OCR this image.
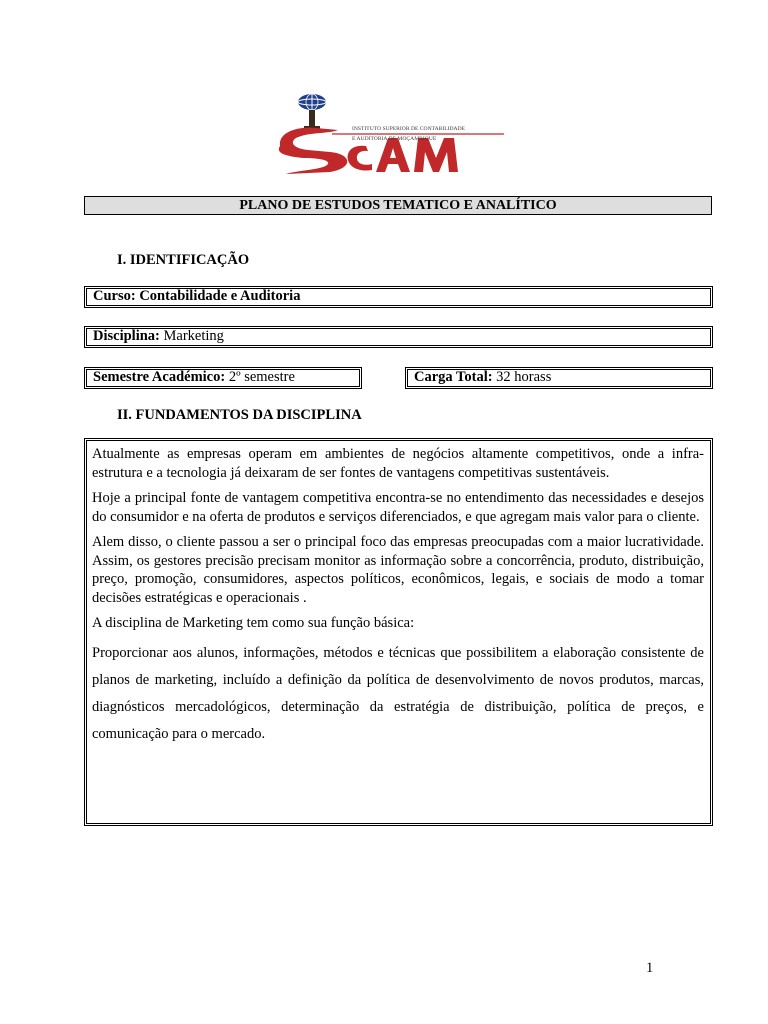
INSTITUTO SUPERIOR DE CONTABILIDADE
E AUDITORIA DE MOÇAMBIQUE
PLANO DE ESTUDOS TEMATICO E ANALÍTICO
I. IDENTIFICAÇÃO
Curso: Contabilidade e Auditoria
Disciplina: Marketing
Semestre Académico: 2º semestre	Carga Total: 32 horass
II. FUNDAMENTOS DA DISCIPLINA

Atualmente as empresas operam em ambientes de negócios altamente competitivos, onde a infra-estrutura e a tecnologia já deixaram de ser fontes de vantagens competitivas sustentáveis.

Hoje a principal fonte de vantagem competitiva encontra-se no entendimento das necessidades e desejos do consumidor e na oferta de produtos e serviços diferenciados, e que agregam mais valor para o cliente.

Alem disso, o cliente passou a ser o principal foco das empresas preocupadas com a maior lucratividade. Assim, os gestores precisão precisam monitor as informação sobre a concorrência, produto, distribuição, preço, promoção, consumidores, aspectos políticos, econômicos, legais, e sociais de modo a tomar decisões estratégicas e operacionais .

A disciplina de Marketing tem como sua função básica:

Proporcionar aos alunos, informações, métodos e técnicas que possibilitem a elaboração consistente de planos de marketing, incluído a definição da política de desenvolvimento de novos produtos, marcas, diagnósticos mercadológicos, determinação da estratégia de distribuição, política de preços, e comunicação para o mercado.

1
